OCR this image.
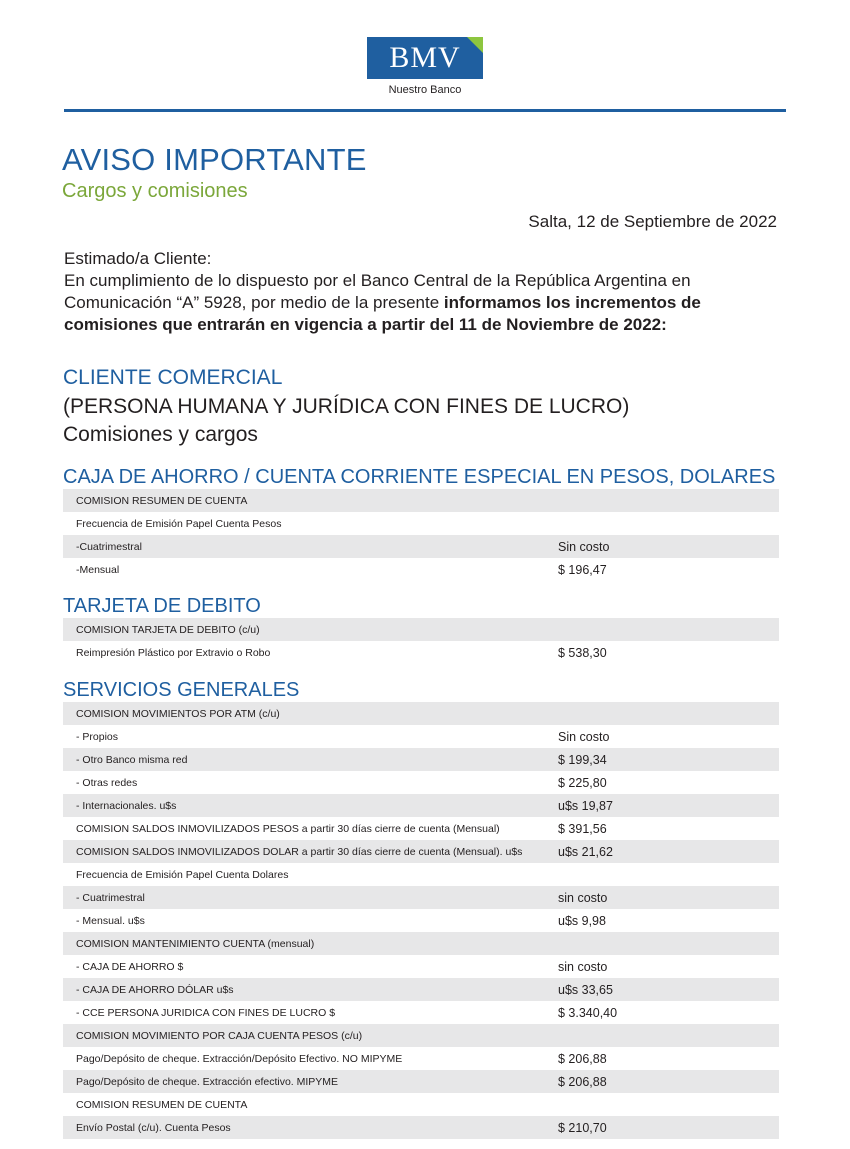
BMV
Nuestro Banco
AVISO IMPORTANTE
Cargos y comisiones
Salta, 12 de Septiembre de 2022
Estimado/a Cliente:
En cumplimiento de lo dispuesto por el Banco Central de la República Argentina en Comunicación “A” 5928, por medio de la presente informamos los incrementos de comisiones que entrarán en vigencia a partir del 11 de Noviembre de 2022:
CLIENTE COMERCIAL
(PERSONA HUMANA Y JURÍDICA CON FINES DE LUCRO)
Comisiones y cargos
CAJA DE AHORRO / CUENTA CORRIENTE ESPECIAL EN PESOS, DOLARES
COMISION RESUMEN DE CUENTA
Frecuencia de Emisión Papel Cuenta Pesos
-Cuatrimestral	Sin costo
-Mensual	$ 196,47
TARJETA DE DEBITO
COMISION TARJETA DE DEBITO (c/u)
Reimpresión Plástico por Extravio o Robo	$ 538,30
SERVICIOS GENERALES
COMISION MOVIMIENTOS POR ATM (c/u)
- Propios	Sin costo
- Otro Banco misma red	$ 199,34
- Otras redes	$ 225,80
- Internacionales. u$s	u$s 19,87
COMISION SALDOS INMOVILIZADOS PESOS a partir 30 días cierre de cuenta (Mensual)	$ 391,56
COMISION SALDOS INMOVILIZADOS DOLAR a partir 30 días cierre de cuenta (Mensual). u$s	u$s 21,62
Frecuencia de Emisión Papel Cuenta Dolares
- Cuatrimestral	sin costo
- Mensual. u$s	u$s 9,98
COMISION MANTENIMIENTO CUENTA (mensual)
- CAJA DE AHORRO $	sin costo
- CAJA DE AHORRO DÓLAR u$s	u$s 33,65
- CCE PERSONA JURIDICA CON FINES DE LUCRO $	$ 3.340,40
COMISION MOVIMIENTO POR CAJA CUENTA PESOS (c/u)
Pago/Depósito de cheque. Extracción/Depósito Efectivo. NO MIPYME	$ 206,88
Pago/Depósito de cheque. Extracción efectivo. MIPYME	$ 206,88
COMISION RESUMEN DE CUENTA
Envío Postal (c/u). Cuenta Pesos	$ 210,70
